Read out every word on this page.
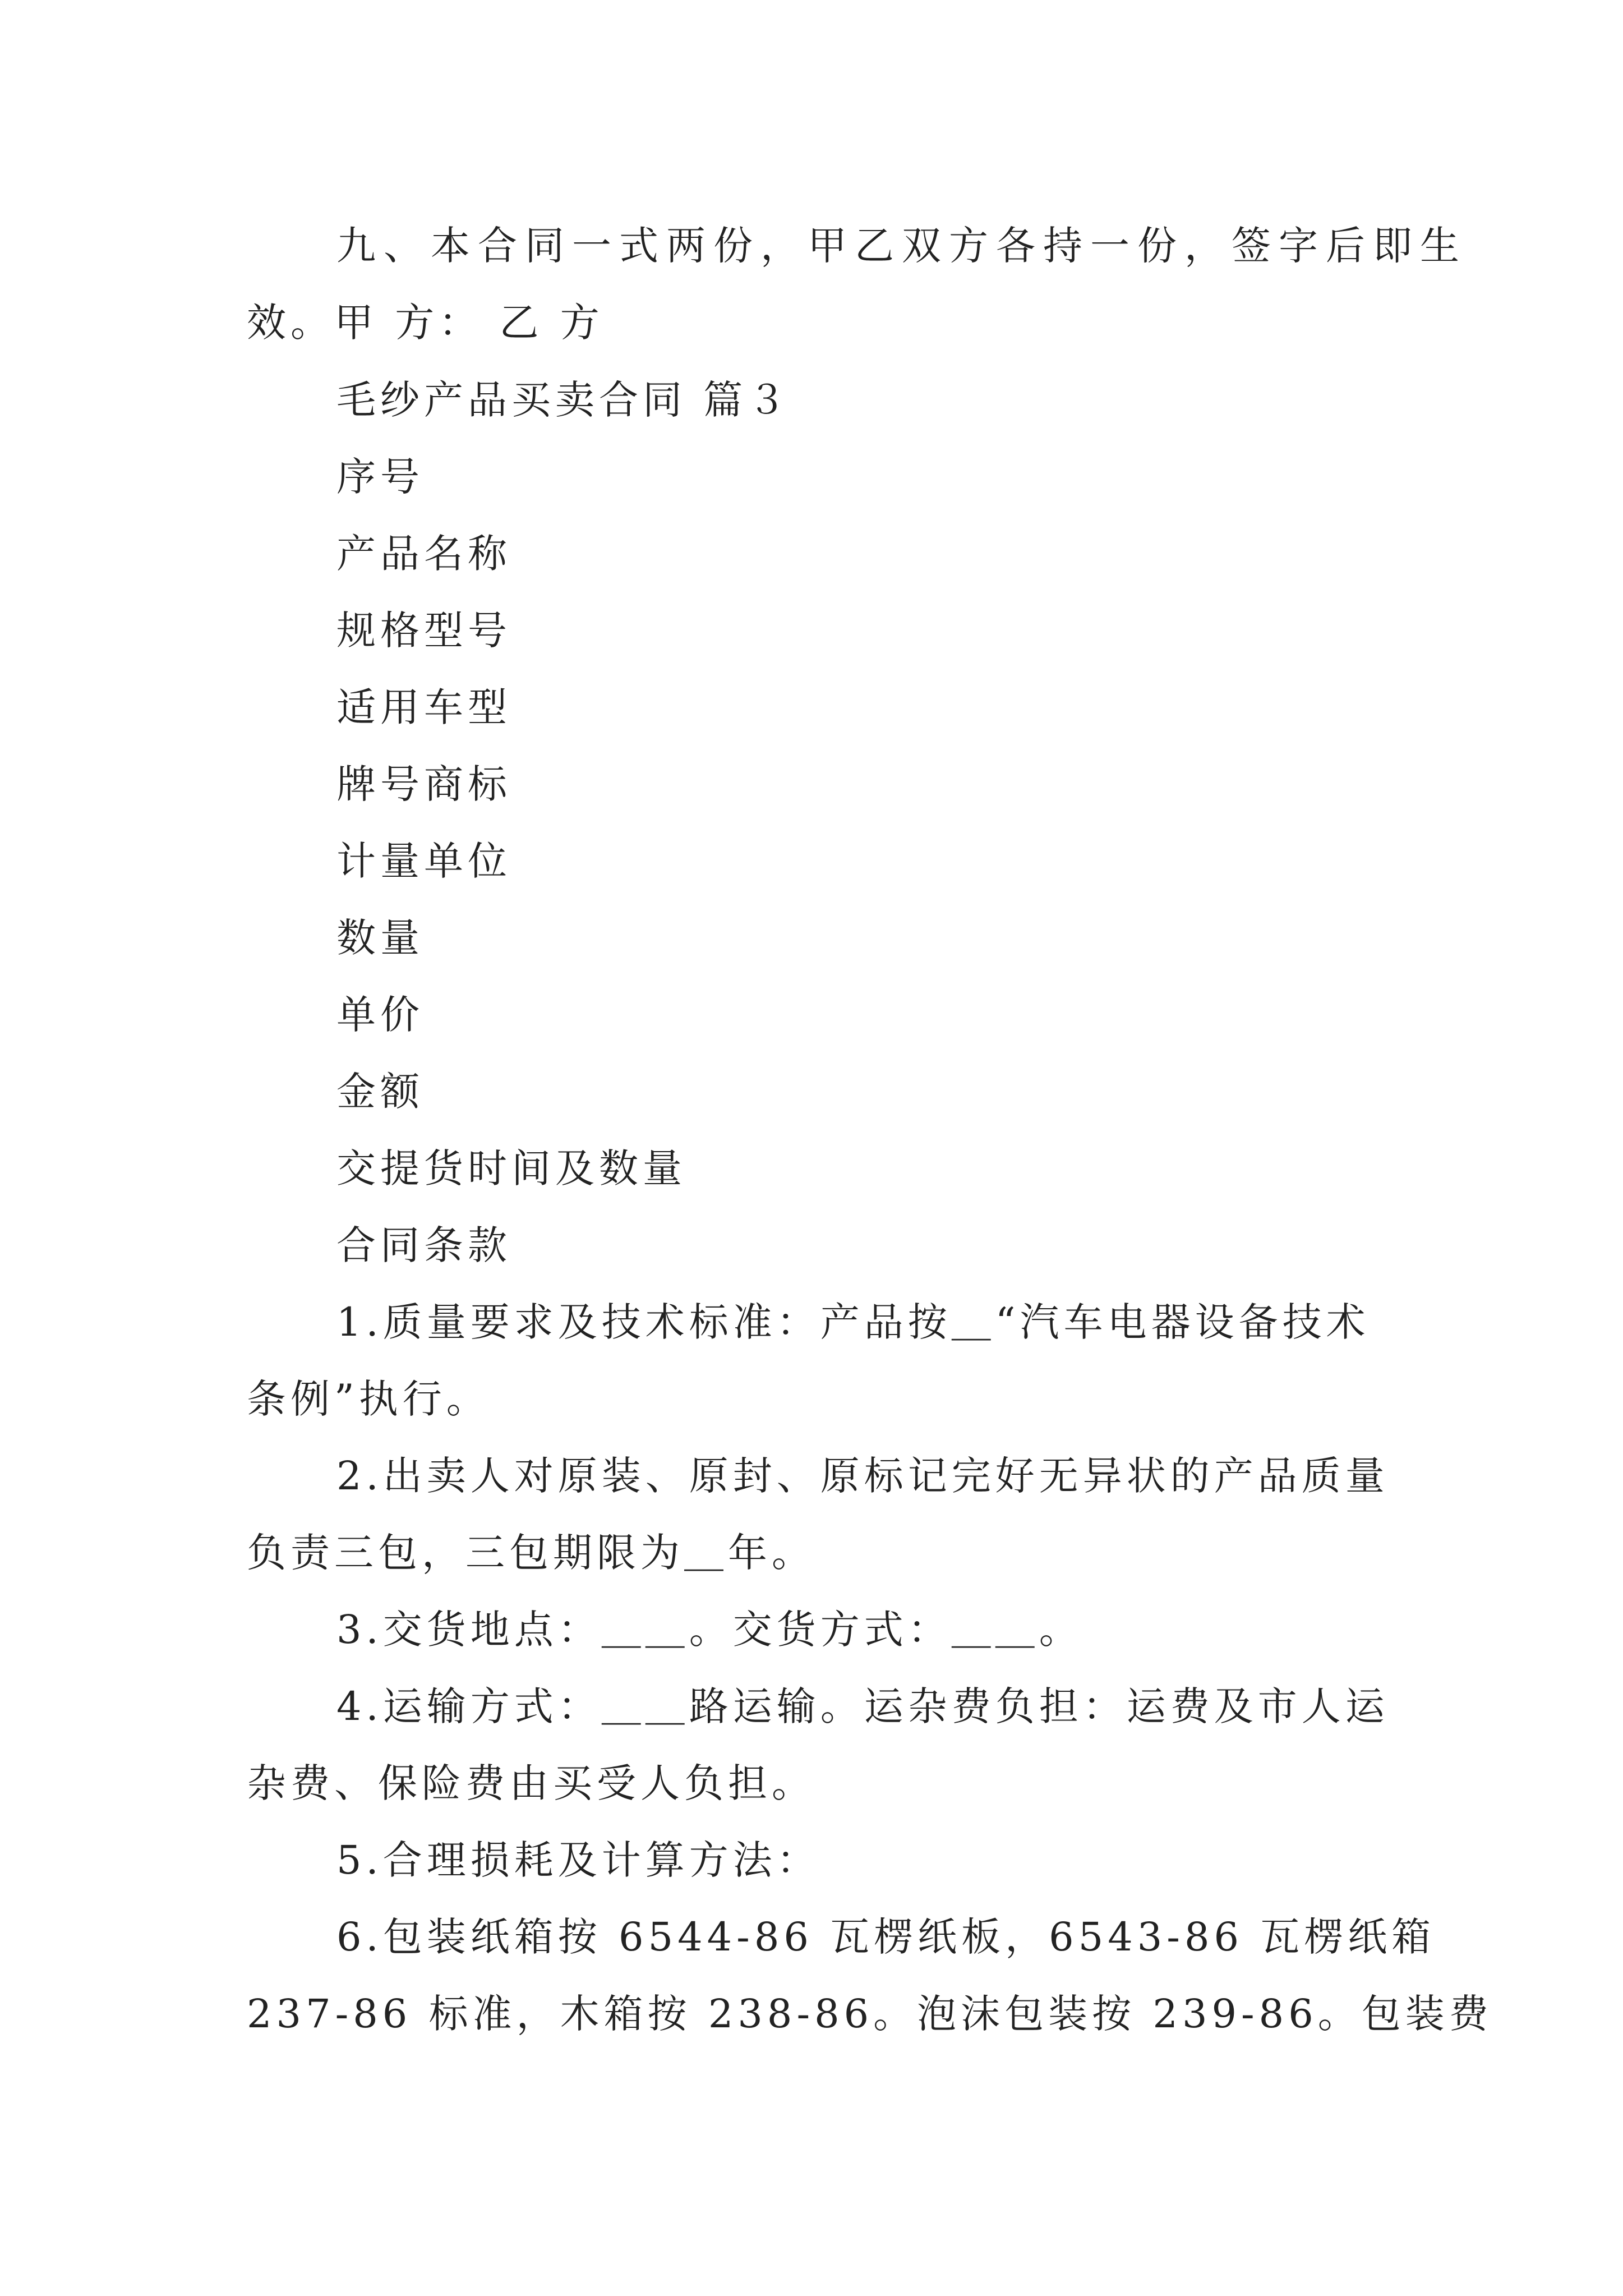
九、本合同一式两份，甲乙双方各持一份，签字后即生
效。甲 方： 乙 方
毛纱产品买卖合同 篇３
序号
产品名称
规格型号
适用车型
牌号商标
计量单位
数量
单价
金额
交提货时间及数量
合同条款
1.质量要求及技术标准：产品按＿“汽车电器设备技术
条例”执行。
2.出卖人对原装、原封、原标记完好无异状的产品质量
负责三包，三包期限为＿年。
3.交货地点：＿＿。交货方式：＿＿。
4.运输方式：＿＿路运输。运杂费负担：运费及市人运
杂费、保险费由买受人负担。
5.合理损耗及计算方法：
6.包装纸箱按 6544-86 瓦楞纸板，6543-86 瓦楞纸箱
237-86 标准，木箱按 238-86。泡沫包装按 239-86。包装费
